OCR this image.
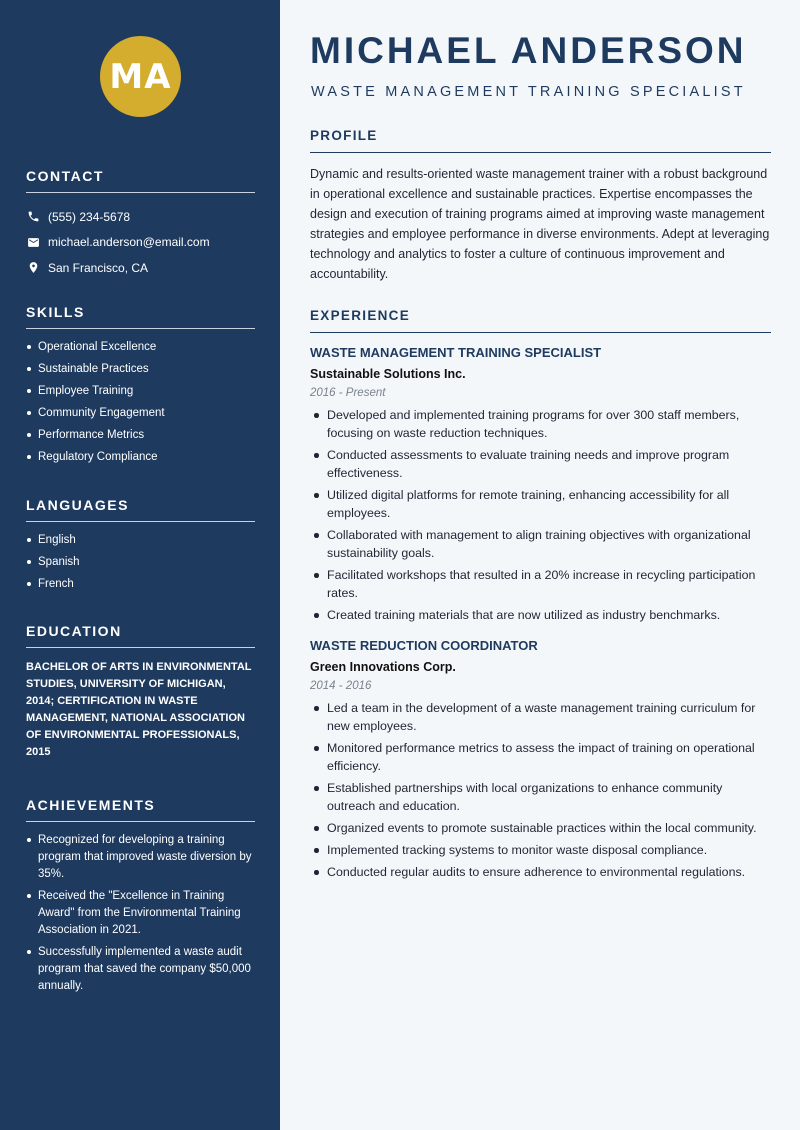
MA
CONTACT
(555) 234-5678
michael.anderson@email.com
San Francisco, CA
SKILLS
Operational Excellence
Sustainable Practices
Employee Training
Community Engagement
Performance Metrics
Regulatory Compliance
LANGUAGES
English
Spanish
French
EDUCATION

BACHELOR OF ARTS IN ENVIRONMENTAL STUDIES, UNIVERSITY OF MICHIGAN, 2014; CERTIFICATION IN WASTE MANAGEMENT, NATIONAL ASSOCIATION OF ENVIRONMENTAL PROFESSIONALS, 2015

ACHIEVEMENTS
Recognized for developing a training program that improved waste diversion by 35%.
Received the "Excellence in Training Award" from the Environmental Training Association in 2021.
Successfully implemented a waste audit program that saved the company $50,000 annually.
MICHAEL ANDERSON
WASTE MANAGEMENT TRAINING SPECIALIST
PROFILE

Dynamic and results-oriented waste management trainer with a robust background in operational excellence and sustainable practices. Expertise encompasses the design and execution of training programs aimed at improving waste management strategies and employee performance in diverse environments. Adept at leveraging technology and analytics to foster a culture of continuous improvement and accountability.

EXPERIENCE
WASTE MANAGEMENT TRAINING SPECIALIST
Sustainable Solutions Inc.
2016 - Present
Developed and implemented training programs for over 300 staff members, focusing on waste reduction techniques.
Conducted assessments to evaluate training needs and improve program effectiveness.
Utilized digital platforms for remote training, enhancing accessibility for all employees.
Collaborated with management to align training objectives with organizational sustainability goals.
Facilitated workshops that resulted in a 20% increase in recycling participation rates.
Created training materials that are now utilized as industry benchmarks.
WASTE REDUCTION COORDINATOR
Green Innovations Corp.
2014 - 2016
Led a team in the development of a waste management training curriculum for new employees.
Monitored performance metrics to assess the impact of training on operational efficiency.
Established partnerships with local organizations to enhance community outreach and education.
Organized events to promote sustainable practices within the local community.
Implemented tracking systems to monitor waste disposal compliance.
Conducted regular audits to ensure adherence to environmental regulations.
